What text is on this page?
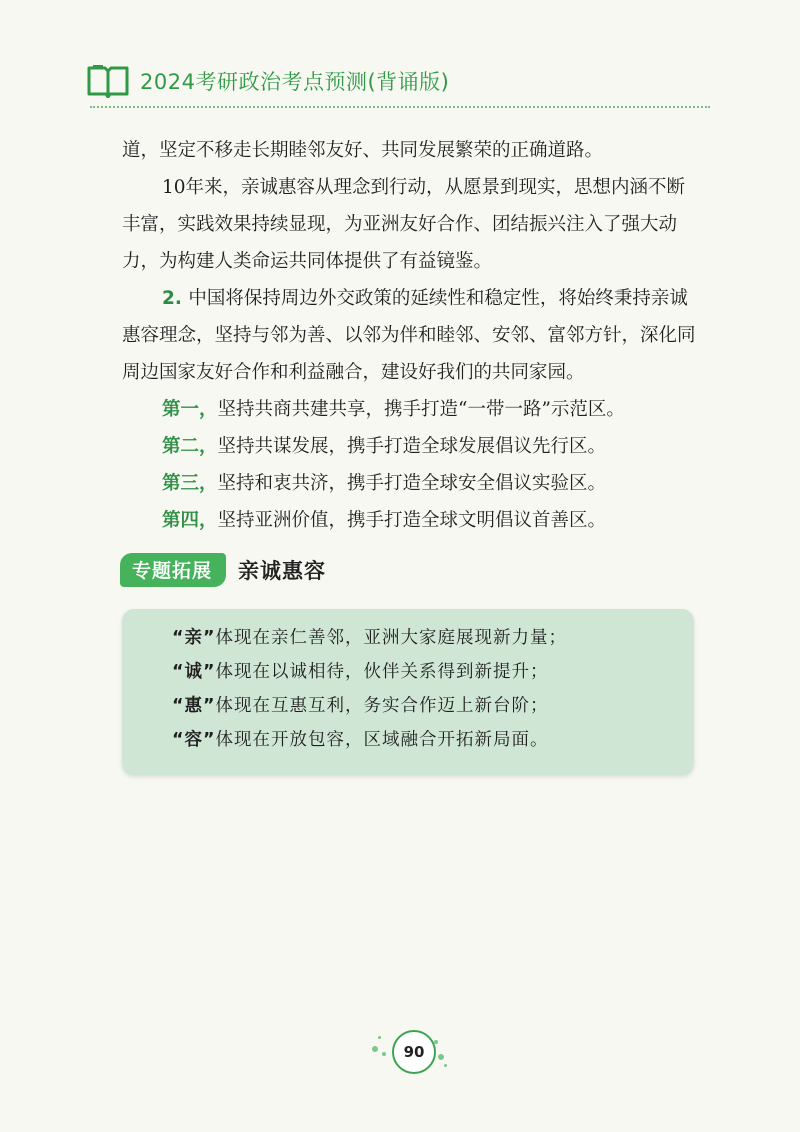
2024考研政治考点预测(背诵版)

道，坚定不移走长期睦邻友好、共同发展繁荣的正确道路。

10年来，亲诚惠容从理念到行动，从愿景到现实，思想内涵不断丰富，实践效果持续显现，为亚洲友好合作、团结振兴注入了强大动力，为构建人类命运共同体提供了有益镜鉴。

2. 中国将保持周边外交政策的延续性和稳定性，将始终秉持亲诚惠容理念，坚持与邻为善、以邻为伴和睦邻、安邻、富邻方针，深化同周边国家友好合作和利益融合，建设好我们的共同家园。

第一，坚持共商共建共享，携手打造“一带一路”示范区。

第二，坚持共谋发展，携手打造全球发展倡议先行区。

第三，坚持和衷共济，携手打造全球安全倡议实验区。

第四，坚持亚洲价值，携手打造全球文明倡议首善区。

专题拓展	亲诚惠容

“亲”体现在亲仁善邻，亚洲大家庭展现新力量；

“诚”体现在以诚相待，伙伴关系得到新提升；

“惠”体现在互惠互利，务实合作迈上新台阶；

“容”体现在开放包容，区域融合开拓新局面。

90
